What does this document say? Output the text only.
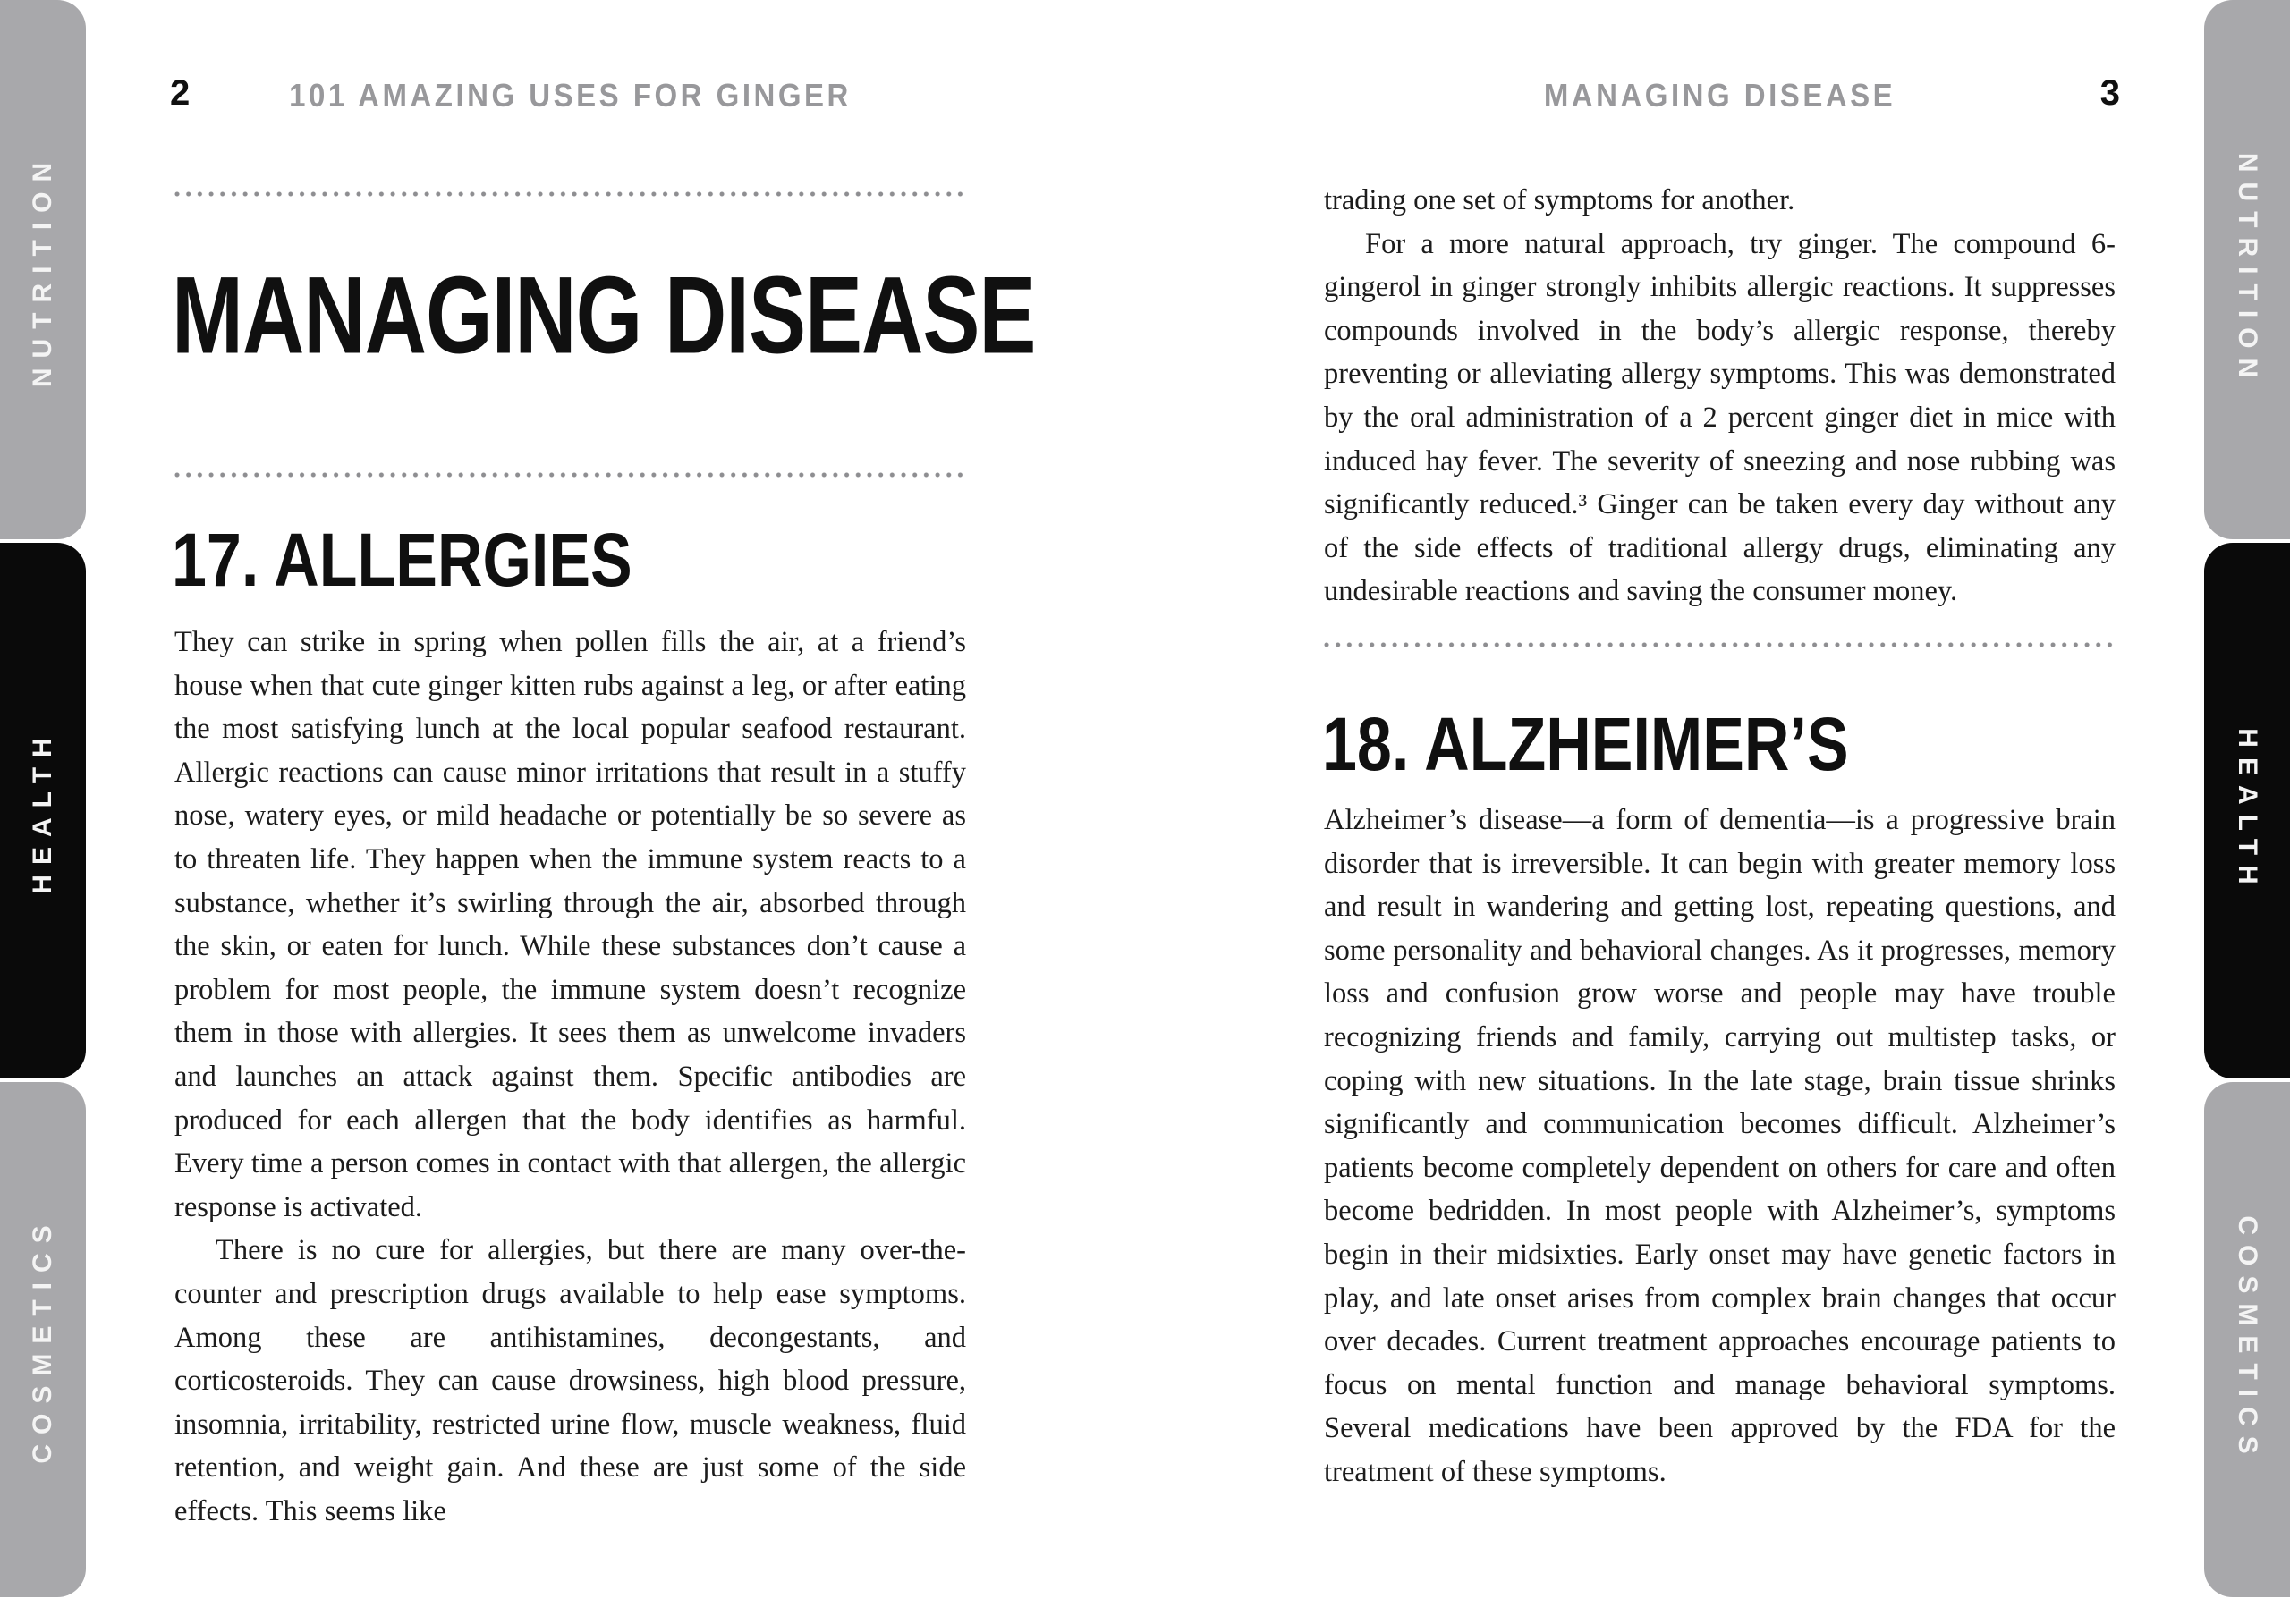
NUTRITION
HEALTH
COSMETICS
NUTRITION
HEALTH
COSMETICS
2	101 AMAZING USES FOR GINGER
MANAGING DISEASE
17. ALLERGIES

They can strike in spring when pollen fills the air, at a friend’s house when that cute ginger kitten rubs against a leg, or after eating the most satisfying lunch at the local popular seafood restaurant. Allergic reactions can cause minor irritations that result in a stuffy nose, watery eyes, or mild headache or potentially be so severe as to threaten life. They happen when the immune system reacts to a substance, whether it’s swirling through the air, absorbed through the skin, or eaten for lunch. While these substances don’t cause a problem for most people, the immune system doesn’t recognize them in those with allergies. It sees them as unwelcome invaders and launches an attack against them. Specific antibodies are produced for each allergen that the body identifies as harmful. Every time a person comes in contact with that allergen, the allergic response is activated.

There is no cure for allergies, but there are many over-the-counter and prescription drugs available to help ease symptoms. Among these are antihistamines, decongestants, and corticosteroids. They can cause drowsiness, high blood pressure, insomnia, irritability, restricted urine flow, muscle weakness, fluid retention, and weight gain. And these are just some of the side effects. This seems like

MANAGING DISEASE	3

trading one set of symptoms for another.

For a more natural approach, try ginger. The compound 6-gingerol in ginger strongly inhibits allergic reactions. It suppresses compounds involved in the body’s allergic response, thereby preventing or alleviating allergy symptoms. This was demonstrated by the oral administration of a 2 percent ginger diet in mice with induced hay fever. The severity of sneezing and nose rubbing was significantly reduced.³ Ginger can be taken every day without any of the side effects of traditional allergy drugs, eliminating any undesirable reactions and saving the consumer money.

18. ALZHEIMER’S

Alzheimer’s disease—a form of dementia—is a progressive brain disorder that is irreversible. It can begin with greater memory loss and result in wandering and getting lost, repeating questions, and some personality and behavioral changes. As it progresses, memory loss and confusion grow worse and people may have trouble recognizing friends and family, carrying out multistep tasks, or coping with new situations. In the late stage, brain tissue shrinks significantly and communication becomes difficult. Alzheimer’s patients become completely dependent on others for care and often become bedridden. In most people with Alzheimer’s, symptoms begin in their midsixties. Early onset may have genetic factors in play, and late onset arises from complex brain changes that occur over decades. Current treatment approaches encourage patients to focus on mental function and manage behavioral symptoms. Several medications have been approved by the FDA for the treatment of these symptoms.
